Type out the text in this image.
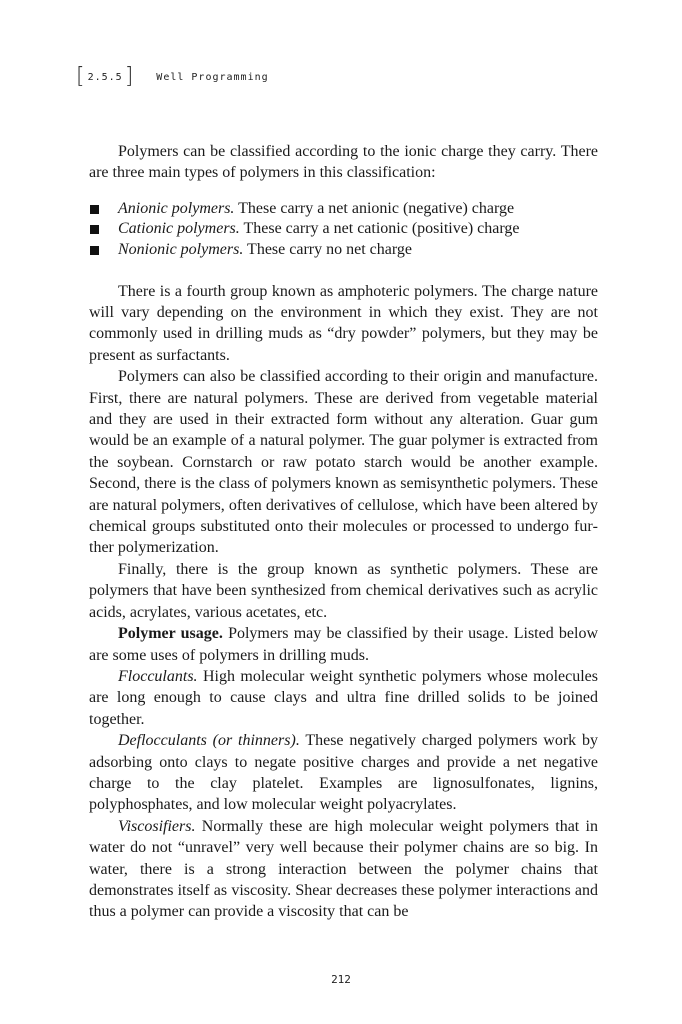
[ 2.5.5 ] Well Programming

Polymers can be classified according to the ionic charge they carry. There are three main types of polymers in this classification:

Anionic polymers. These carry a net anionic (negative) charge
Cationic polymers. These carry a net cationic (positive) charge
Nonionic polymers. These carry no net charge

There is a fourth group known as amphoteric polymers. The charge nature will vary depending on the environment in which they exist. They are not commonly used in drilling muds as “dry powder” polymers, but they may be present as surfactants.

Polymers can also be classified according to their origin and manufacture. First, there are natural polymers. These are derived from vegetable material and they are used in their extracted form without any alteration. Guar gum would be an example of a natural polymer. The guar polymer is extracted from the soybean. Cornstarch or raw potato starch would be another example. Second, there is the class of polymers known as semisynthetic polymers. These are natural polymers, often derivatives of cellulose, which have been altered by chemical groups substituted onto their molecules or processed to undergo further polymerization.

Finally, there is the group known as synthetic polymers. These are polymers that have been synthesized from chemical derivatives such as acrylic acids, acrylates, various acetates, etc.

Polymer usage. Polymers may be classified by their usage. Listed below are some uses of polymers in drilling muds.

Flocculants. High molecular weight synthetic polymers whose molecules are long enough to cause clays and ultra fine drilled solids to be joined together.

Deflocculants (or thinners). These negatively charged polymers work by adsorbing onto clays to negate positive charges and provide a net negative charge to the clay platelet. Examples are lignosulfonates, lignins, polyphosphates, and low molecular weight polyacrylates.

Viscosifiers. Normally these are high molecular weight polymers that in water do not “unravel” very well because their polymer chains are so big. In water, there is a strong interaction between the polymer chains that demonstrates itself as viscosity. Shear decreases these polymer interactions and thus a polymer can provide a viscosity that can be

212
